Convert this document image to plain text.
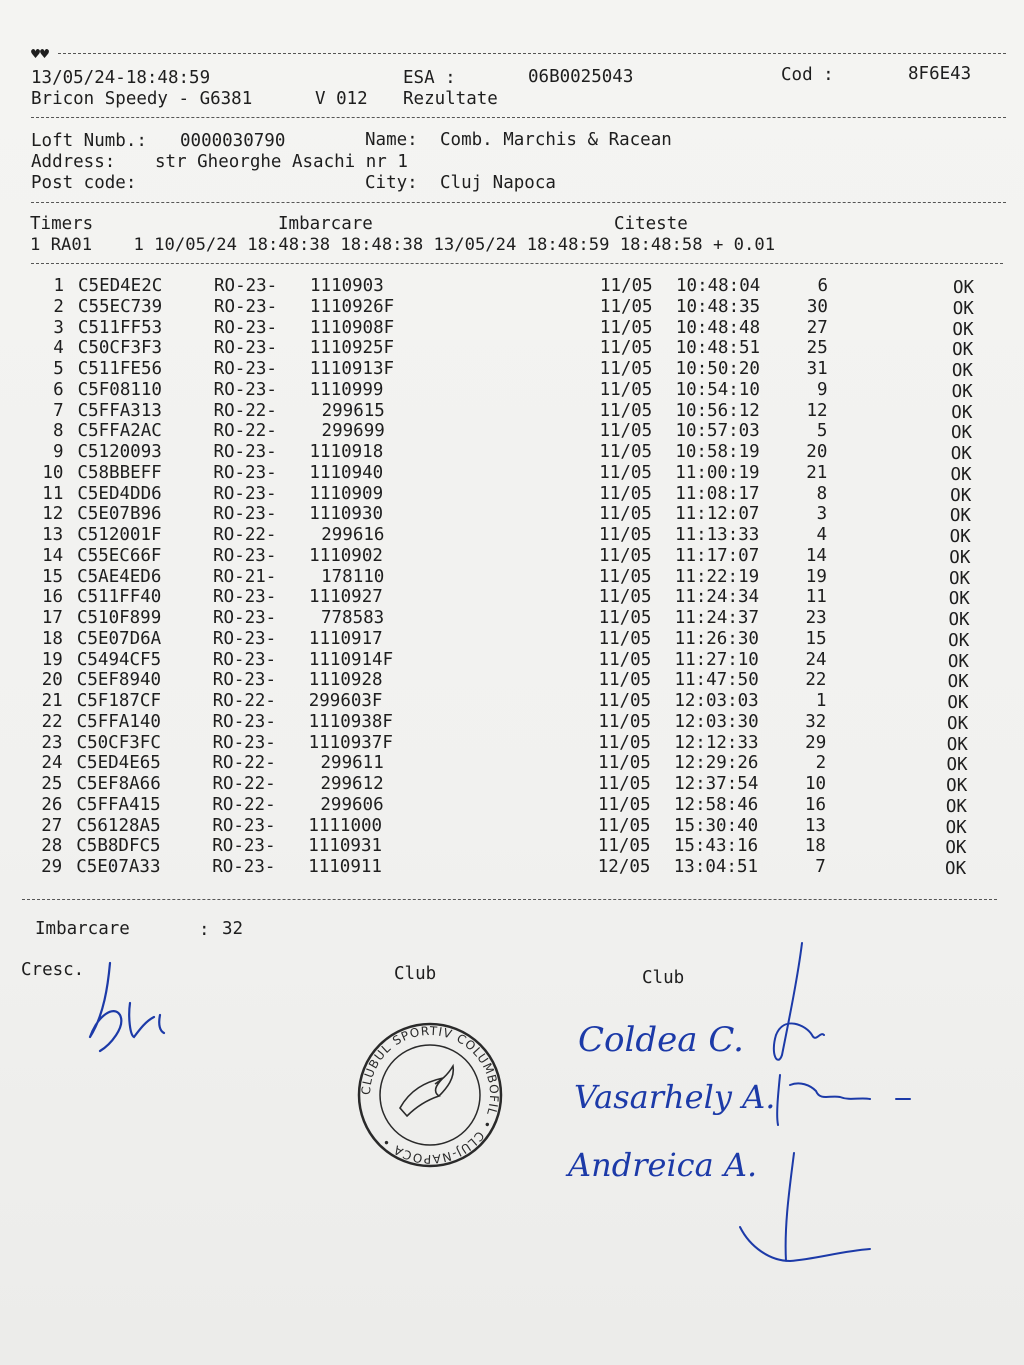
♥♥
13/05/24-18:48:59	ESA :	06B0025043	Cod :	8F6E43
Bricon Speedy - G6381	V 012 Rezultate
Loft Numb.: 0000030790	Name: Comb. Marchis & Racean
Address: str Gheorghe Asachi nr 1
Post code:	City: Cluj Napoca
Timers	Imbarcare	Citeste
1 RA01    1 10/05/24 18:48:38 18:48:38 13/05/24 18:48:59 18:48:58 + 0.01
1 C5ED4E2C	RO-23- 1110903	11/05 10:48:04	6	OK
2 C55EC739	RO-23- 1110926F	11/05 10:48:35	30	OK
3 C511FF53	RO-23- 1110908F	11/05 10:48:48	27	OK
4 C50CF3F3	RO-23- 1110925F	11/05 10:48:51	25	OK
5 C511FE56	RO-23- 1110913F	11/05 10:50:20	31	OK
6 C5F08110	RO-23- 1110999	11/05 10:54:10	9	OK
7 C5FFA313	RO-22-	299615	11/05 10:56:12	12	OK
8 C5FFA2AC	RO-22-	299699	11/05 10:57:03	5	OK
9 C5120093	RO-23- 1110918	11/05 10:58:19	20	OK
10 C58BBEFF	RO-23- 1110940	11/05 11:00:19	21	OK
11 C5ED4DD6	RO-23- 1110909	11/05 11:08:17	8	OK
12 C5E07B96	RO-23- 1110930	11/05 11:12:07	3	OK
13 C512001F	RO-22-	299616	11/05 11:13:33	4	OK
14 C55EC66F	RO-23- 1110902	11/05 11:17:07	14	OK
15 C5AE4ED6	RO-21-	178110	11/05 11:22:19	19	OK
16 C511FF40	RO-23- 1110927	11/05 11:24:34	11	OK
17 C510F899	RO-23-	778583	11/05 11:24:37	23	OK
18 C5E07D6A	RO-23- 1110917	11/05 11:26:30	15	OK
19 C5494CF5	RO-23- 1110914F	11/05 11:27:10	24	OK
20 C5EF8940	RO-23- 1110928	11/05 11:47:50	22	OK
21 C5F187CF	RO-22- 299603F	11/05 12:03:03	1	OK
22 C5FFA140	RO-23- 1110938F	11/05 12:03:30	32	OK
23 C50CF3FC	RO-23- 1110937F	11/05 12:12:33	29	OK
24 C5ED4E65	RO-22-	299611	11/05 12:29:26	2	OK
25 C5EF8A66	RO-22-	299612	11/05 12:37:54	10	OK
26 C5FFA415	RO-22-	299606	11/05 12:58:46	16	OK
27 C56128A5	RO-23- 1111000	11/05 15:30:40	13	OK
28 C5B8DFC5	RO-23- 1110931	11/05 15:43:16	18	OK
29 C5E07A33	RO-23- 1110911	12/05 13:04:51	7	OK
Imbarcare	: 32
Cresc.	Club	Club
CLUBUL SPORTIV COLUMBOFIL • CLUJ-NAPOCA •
Coldea C.
Vasarhely A.
Andreica A.
